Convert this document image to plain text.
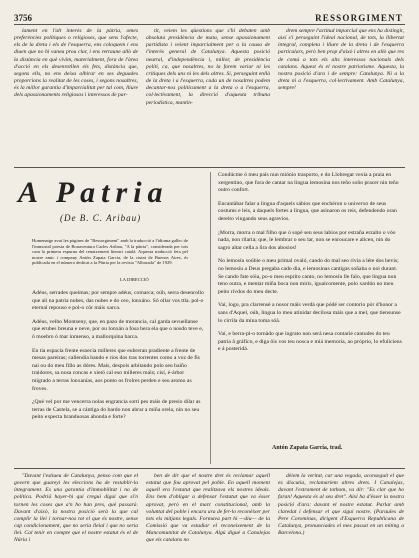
3756	RESSORGIMENT

lament en l'alt interès de la pàtria, omes preferències polítiques o religioses, que sens l'afecte, els de la dreta i els de l'esquerra, ens coloquem i ens diuen que no hi vaneu prou clar, i ens retraune allò de la distància en què vivim, materialment, fora de l'àrea d'acció en els desenrotllen els fets, distància que, segons ells, no ens deixa albirar en ses deguades proporcions la realitat de les coses, i segons nosaltres, és la millor garantia d'imparcialitat per tal com, lliure dels apassionaments religiosos i interessos de par-

tit, veiem les qüestions que s'hi debaten amb absoluta presidència de mata, sense apassionament partidista i veient imparcialment per a la causa de l'interès general de Catalunya. Aquesta posició neutral, d'independència i, millor, de presidència políti, ca, que nosaltres, no la farem variar ni les crítiques dels uns ni les dels altres. Si, perseguint enllà de la dreta i a l'esquerra, cada un de nosaltres podem decantar-nos políticament a la dreta o a l'esquerra, col·lectivament, la direcció d'aquesta tribuna periodística, mantin-

drem sempre l'actitud imparcial que ens ha distingit, així s'i perseguint l'ideal nacional, de tots, la llibertat integral, completa i lliure de la dreta i de l'esquerra particulars, però ben prop d'això i altres en allò que res de comú a tots els alts interessos nacionals dels catalans. Aquest és el nostre patriotisme. Aquesta, la nostra posició d'ara i de sempre: Catalunya. Ni a la dreta ni a l'esquerra, col·lectivament. Amb Catalunya, sempre!

A Patria
(De B. C. Aribau)
Homenatge avui les pàgines de "Ressorgiment" amb la traducció a l'idioma gallec de l'immortal poesia de Bonaventura Carles Aribau, "A la pàtria", considerada per tots com la primera espurna del renaixement literari català. Aquesta traducció feta pel nostre amic i company Antón Zapata Garcia, de la ciutat de Buenos Aires, és publicada en el número dedicat a la Pàtria per la revista "Alborada" de 1929.
LA DIRECCIÓ
Adéus, serrades queimas; por sempre adéus, comarca; oúh, serra desenrollo que ali na patria nubes, das nubes e do ceo, lonxáno. Só ollar vos ttla. pol-o eternal repouso e pol-o côr máis xarca.
Adéus, velho Montseny, que, en pazo de morancia, cal garda sevuellanse que erubes breuna e neve, por ou lonxán a fosa bera ela que o nosdo teve e, ô moebro ó mar inmenso, a mallorquina barca.
En tia espacia frente esnecia milleres que eubreran pradiente a frente de mesas pareiras; callendia bando e rios dos tras torrentes como a voz de fis nai ou do meu fillo as dóres. Mais, despois arbitando polo seu baiño traidores, sa nosa concas e xietó cal eso milleres máis; cisí, é-árbor mígrado a terras lonxanías, aos ponto os frolres perden e seu aromo as froves.
¿Qué vel por me vencerra nolas engrancia sorti pes máis de presio dilar as terras de Castela, se a cántiga do bardo non abrar a miña orela, nin no seu peito expecta branduosas abonda e forte?
Condúcme ó meu país nun miónio trasporto, e do Llobregat vexia a praia en xergentino, que fora de cantar na lingua lemosina nos teño soño pracer nin teño outro confort.
Encantàbar falar a lingua d'aquels sábios que enchéron o univerxo de seus costums e leis, a daquels fortes a lingua, que asinaron os reis, defendendo oran dereito vingando seus agravios.
¡Morra, morra o mal filho que ó sopé sen seus labios por estraña erzalto o vóo nada, non rilaria; que, le lembrar o seu lar, non se enroucare e alicen, nin do sagro altar cella a lira dos abosios!
No lemosíu soúbie o meu primal ovaló, cando do mal seo rivia a léte dos bevis; no lemosíu a Deus pregaba cado dia, e lemosinas cantigas soñaba o noi durant. Se cando fate sóia, po-o meu esprito canto, no lemosíu lle falo, que lingua non teno outra, e mentar miña boca non miris, igualcomente, polo xardón no meu peito rivdos do meu decte.
Vaí, logo, pra clarrensé a nosor máis verdá que pódé ser contorio pór d'honor a sans d'Aquel, oúh, lingua lo meu atinidar decilosa máis que a mel, que tiensunse lo cirrila da mina toma sóá.
Vaí, e berra-pl-o tornàdo que ingrato non será nesa contarie cantudes do teu patria â gráfico, e diga ôis vos teu nosca e miá memoria, ao próprio, lo efuliciens e á posteridá.
Antón Zapata García, trad.

"Davant l'estiueu de Catalunya, penso com que el govern que guareyi les eleccions ha de restablir-la íntegrament. Es una garantia d'immobilitat i no de política. Podriá hayer-hi qui cregui digui que si'n tornen les coses que a'n ho han pres, què passarà. Davant d'això, la nostra posició serà la que cal complir la llei i tornar-nos tot el que és nostre, sense cap condicionament, que no seria lleial i que no seria llei. Cal tenir en compte que el nostre estatut és el de Núria i

ben de dir que el nostre dret és reclamar aquell estatut que fou aprovat pel poble. En aquell moment aquell era l'estatut que realitzava els nostres ideals. Ens hem d'obligar a defensar l'estatut que va ésser aprovat, però en el marc constitucional, amb la voluntat del poble i encara ara de fer-lo reconèixer per tots els mitjans legals. Formava part hi —diu— de la Comissió que va estudiar el reconeixement de la Mancomunitat de Catalunya. Algú digué a Canalejas que els catalans no

dèiem la veritat, car una vegada, aconseguit el que es discutia, reclamaríem altres drets. I Canalejas, davant l'estrament de tothom, va dir: "Es clar que ho faran! Aquesta és al seu dret". Així ha d'ésser la nostra posició d'ara: davant el nostre estatut. Parlar amb claredat i defensar el que sigui nostre. (Paraules de Pere Corominas, dirigent d'Esquerra Republicana de Catalunya, pronunciades el mes passat en un míting a Barcelona.)
